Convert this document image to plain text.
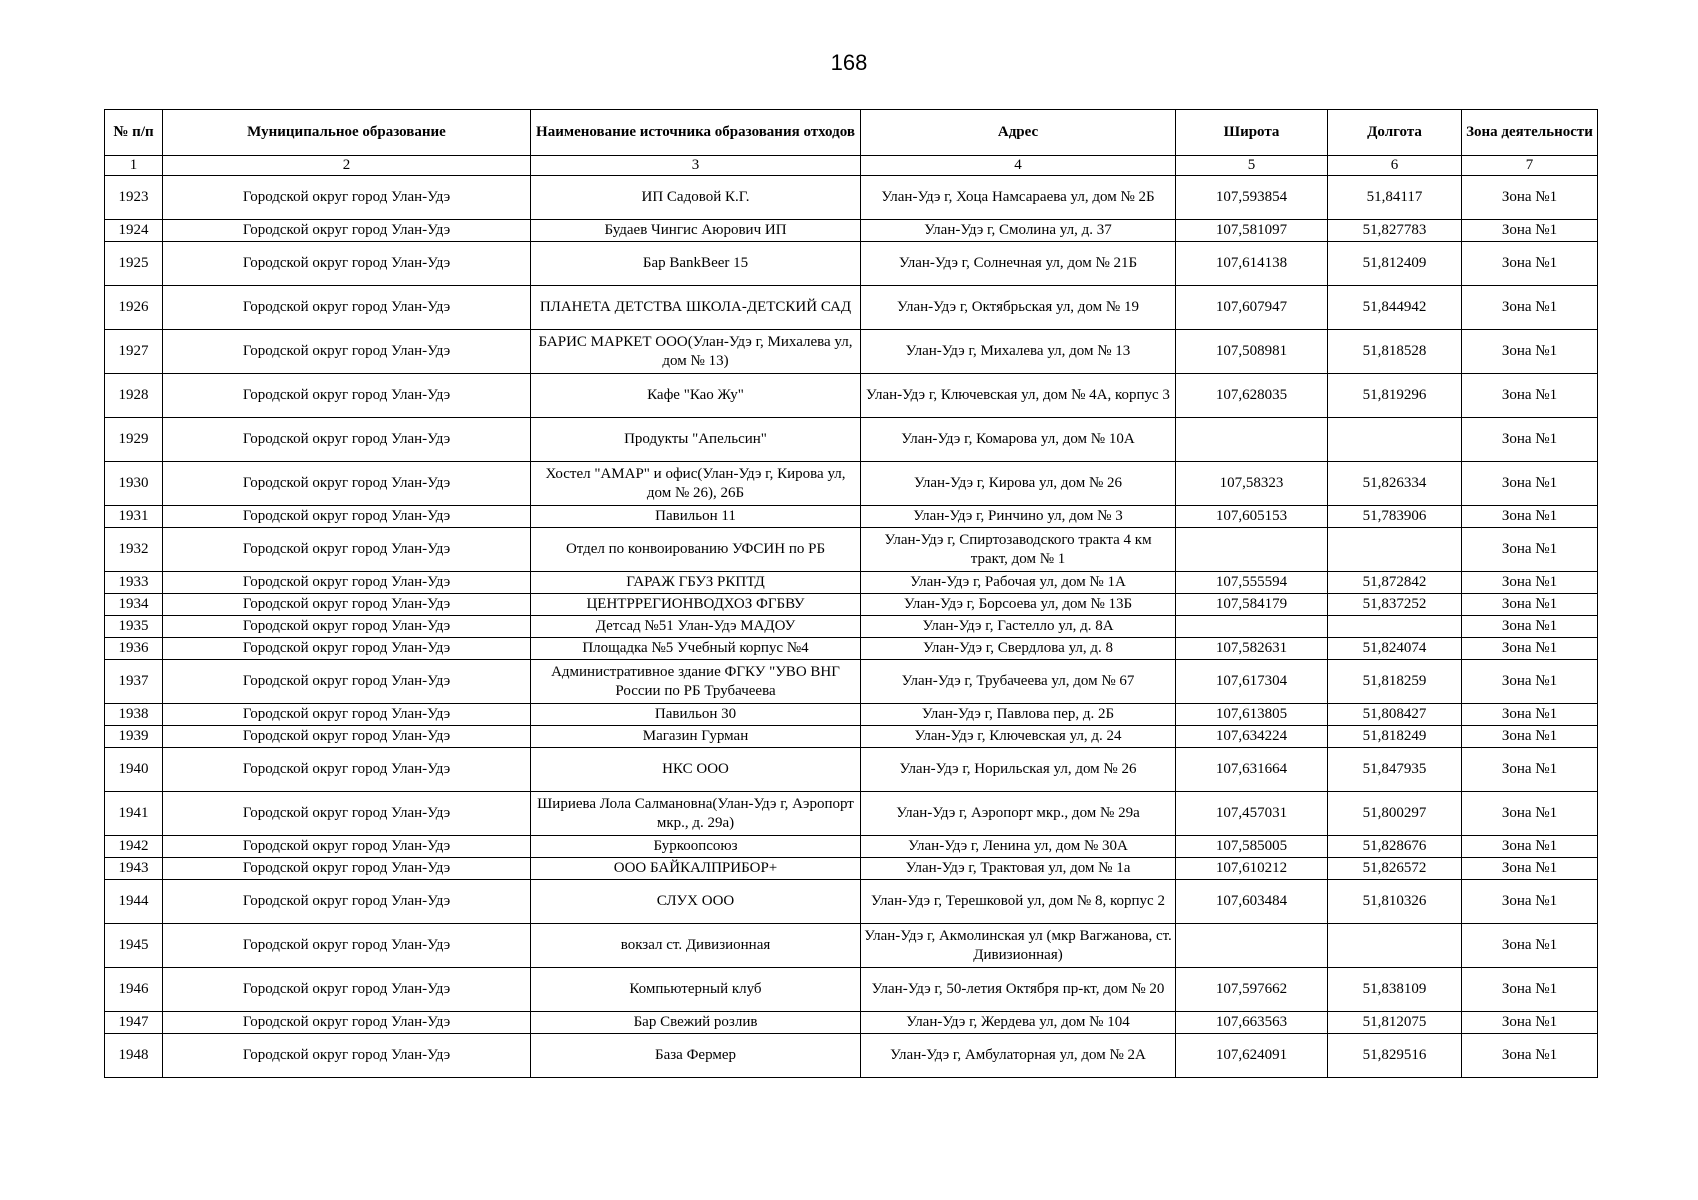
168
№ п/п	Муниципальное образование	Наименование источника образования отходов	Адрес	Широта	Долгота	Зона деятельности
1	2	3	4	5	6	7
1923	Городской округ город Улан-Удэ	ИП Садовой К.Г.	Улан-Удэ г, Хоца Намсараева ул, дом № 2Б	107,593854	51,84117	Зона №1
1924	Городской округ город Улан-Удэ	Будаев Чингис Аюрович ИП	Улан-Удэ г, Смолина ул, д. 37	107,581097	51,827783	Зона №1
1925	Городской округ город Улан-Удэ	Бар BankBeer 15	Улан-Удэ г, Солнечная ул, дом № 21Б	107,614138	51,812409	Зона №1
1926	Городской округ город Улан-Удэ	ПЛАНЕТА ДЕТСТВА ШКОЛА-ДЕТСКИЙ САД	Улан-Удэ г, Октябрьская ул, дом № 19	107,607947	51,844942	Зона №1
1927	Городской округ город Улан-Удэ	БАРИС МАРКЕТ ООО(Улан-Удэ г, Михалева ул, дом № 13)	Улан-Удэ г, Михалева ул, дом № 13	107,508981	51,818528	Зона №1
1928	Городской округ город Улан-Удэ	Кафе "Као Жу"	Улан-Удэ г, Ключевская ул, дом № 4А, корпус 3	107,628035	51,819296	Зона №1
1929	Городской округ город Улан-Удэ	Продукты "Апельсин"	Улан-Удэ г, Комарова ул, дом № 10А			Зона №1
1930	Городской округ город Улан-Удэ	Хостел "АМАР" и офис(Улан-Удэ г, Кирова ул, дом № 26), 26Б	Улан-Удэ г, Кирова ул, дом № 26	107,58323	51,826334	Зона №1
1931	Городской округ город Улан-Удэ	Павильон 11	Улан-Удэ г, Ринчино ул, дом № 3	107,605153	51,783906	Зона №1
1932	Городской округ город Улан-Удэ	Отдел по конвоированию УФСИН по РБ	Улан-Удэ г, Спиртозаводского тракта 4 км тракт, дом № 1			Зона №1
1933	Городской округ город Улан-Удэ	ГАРАЖ ГБУЗ РКПТД	Улан-Удэ г, Рабочая ул, дом № 1А	107,555594	51,872842	Зона №1
1934	Городской округ город Улан-Удэ	ЦЕНТРРЕГИОНВОДХОЗ ФГБВУ	Улан-Удэ г, Борсоева ул, дом № 13Б	107,584179	51,837252	Зона №1
1935	Городской округ город Улан-Удэ	Детсад №51 Улан-Удэ МАДОУ	Улан-Удэ г, Гастелло ул, д. 8А			Зона №1
1936	Городской округ город Улан-Удэ	Площадка №5 Учебный корпус №4	Улан-Удэ г, Свердлова ул, д. 8	107,582631	51,824074	Зона №1
1937	Городской округ город Улан-Удэ	Административное здание ФГКУ "УВО ВНГ России по РБ Трубачеева	Улан-Удэ г, Трубачеева ул, дом № 67	107,617304	51,818259	Зона №1
1938	Городской округ город Улан-Удэ	Павильон 30	Улан-Удэ г, Павлова пер, д. 2Б	107,613805	51,808427	Зона №1
1939	Городской округ город Улан-Удэ	Магазин Гурман	Улан-Удэ г, Ключевская ул, д. 24	107,634224	51,818249	Зона №1
1940	Городской округ город Улан-Удэ	НКС ООО	Улан-Удэ г, Норильская ул, дом № 26	107,631664	51,847935	Зона №1
1941	Городской округ город Улан-Удэ	Шириева Лола Салмановна(Улан-Удэ г, Аэропорт мкр., д. 29а)	Улан-Удэ г, Аэропорт мкр., дом № 29а	107,457031	51,800297	Зона №1
1942	Городской округ город Улан-Удэ	Буркоопсоюз	Улан-Удэ г, Ленина ул, дом № 30А	107,585005	51,828676	Зона №1
1943	Городской округ город Улан-Удэ	ООО БАЙКАЛПРИБОР+	Улан-Удэ г, Трактовая ул, дом № 1а	107,610212	51,826572	Зона №1
1944	Городской округ город Улан-Удэ	СЛУХ ООО	Улан-Удэ г, Терешковой ул, дом № 8, корпус 2	107,603484	51,810326	Зона №1
1945	Городской округ город Улан-Удэ	вокзал ст. Дивизионная	Улан-Удэ г, Акмолинская ул (мкр Вагжанова, ст. Дивизионная)			Зона №1
1946	Городской округ город Улан-Удэ	Компьютерный клуб	Улан-Удэ г, 50-летия Октября пр-кт, дом № 20	107,597662	51,838109	Зона №1
1947	Городской округ город Улан-Удэ	Бар Свежий розлив	Улан-Удэ г, Жердева ул, дом № 104	107,663563	51,812075	Зона №1
1948	Городской округ город Улан-Удэ	База Фермер	Улан-Удэ г, Амбулаторная ул, дом № 2А	107,624091	51,829516	Зона №1
